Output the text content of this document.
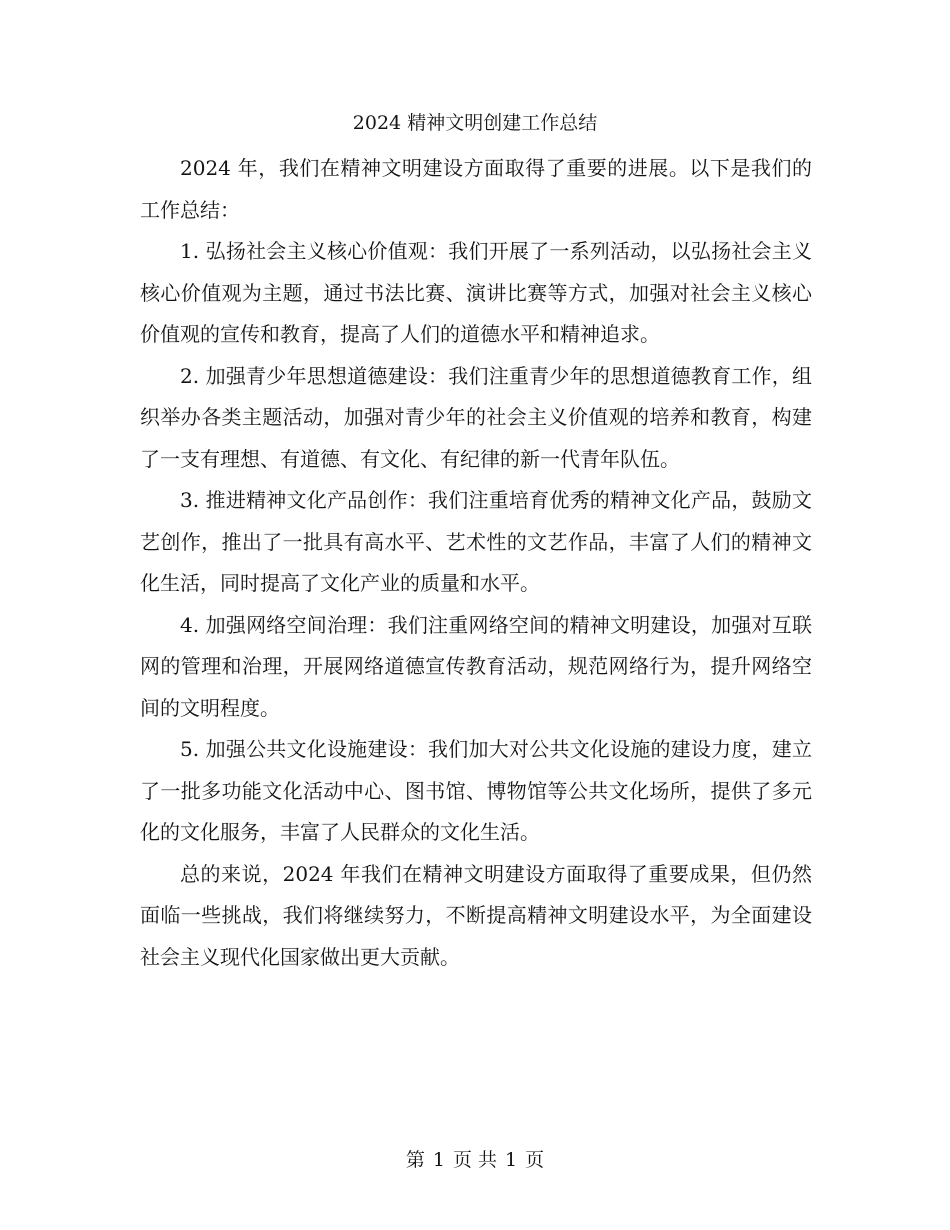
2024 精神文明创建工作总结

2024 年，我们在精神文明建设方面取得了重要的进展。以下是我们的工作总结：

1. 弘扬社会主义核心价值观：我们开展了一系列活动，以弘扬社会主义核心价值观为主题，通过书法比赛、演讲比赛等方式，加强对社会主义核心价值观的宣传和教育，提高了人们的道德水平和精神追求。

2. 加强青少年思想道德建设：我们注重青少年的思想道德教育工作，组织举办各类主题活动，加强对青少年的社会主义价值观的培养和教育，构建了一支有理想、有道德、有文化、有纪律的新一代青年队伍。

3. 推进精神文化产品创作：我们注重培育优秀的精神文化产品，鼓励文艺创作，推出了一批具有高水平、艺术性的文艺作品，丰富了人们的精神文化生活，同时提高了文化产业的质量和水平。

4. 加强网络空间治理：我们注重网络空间的精神文明建设，加强对互联网的管理和治理，开展网络道德宣传教育活动，规范网络行为，提升网络空间的文明程度。

5. 加强公共文化设施建设：我们加大对公共文化设施的建设力度，建立了一批多功能文化活动中心、图书馆、博物馆等公共文化场所，提供了多元化的文化服务，丰富了人民群众的文化生活。

总的来说，2024 年我们在精神文明建设方面取得了重要成果，但仍然面临一些挑战，我们将继续努力，不断提高精神文明建设水平，为全面建设社会主义现代化国家做出更大贡献。

第 1 页 共 1 页
